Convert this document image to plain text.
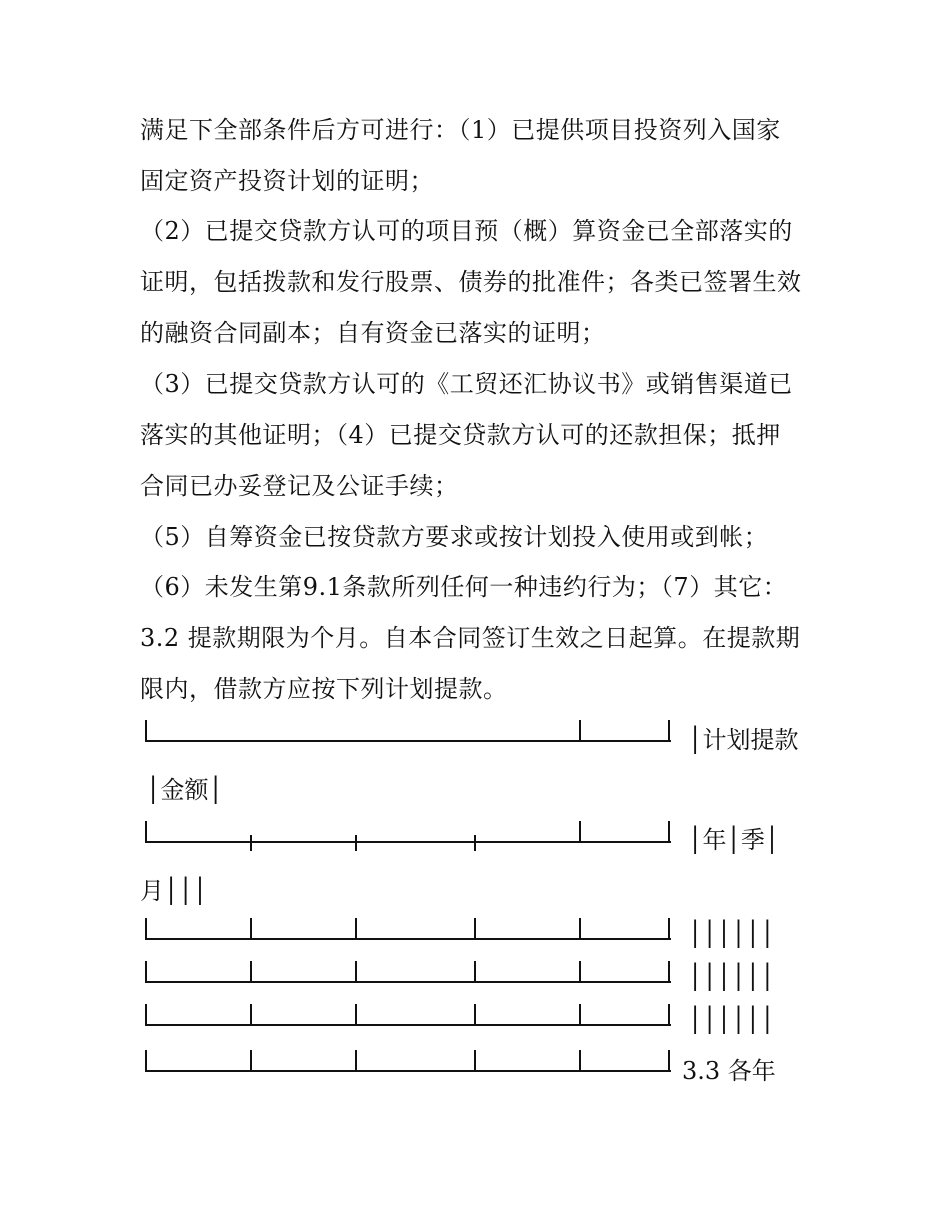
满足下全部条件后方可进行：（1）已提供项目投资列入国家
固定资产投资计划的证明；
（2）已提交贷款方认可的项目预（概）算资金已全部落实的
证明，包括拨款和发行股票、债券的批准件；各类已签署生效
的融资合同副本；自有资金已落实的证明；
（3）已提交贷款方认可的《工贸还汇协议书》或销售渠道已
落实的其他证明；（4）已提交贷款方认可的还款担保；抵押
合同已办妥登记及公证手续；
（5）自筹资金已按贷款方要求或按计划投入使用或到帐；
（6）未发生第9.1条款所列任何一种违约行为；（7）其它：
3.2 提款期限为个月。自本合同签订生效之日起算。在提款期
限内，借款方应按下列计划提款。
│计划提款
│金额│
│年│季│
月│││
││││││
││││││
││││││
3.3 各年
